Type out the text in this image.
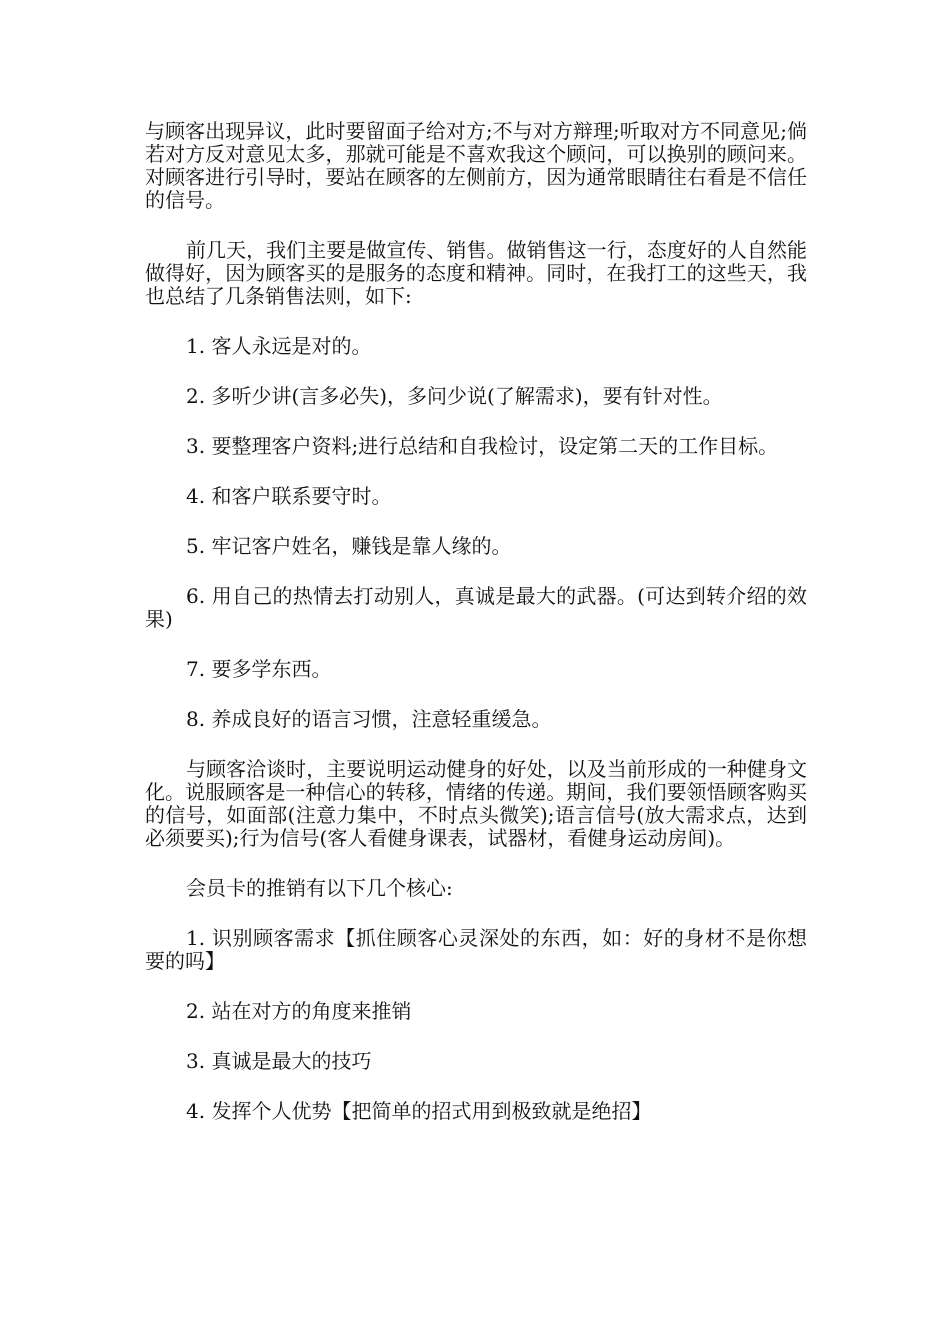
与顾客出现异议，此时要留面子给对方;不与对方辩理;听取对方不同意见;倘若对方反对意见太多，那就可能是不喜欢我这个顾问，可以换别的顾问来。对顾客进行引导时，要站在顾客的左侧前方，因为通常眼睛往右看是不信任的信号。

前几天，我们主要是做宣传、销售。做销售这一行，态度好的人自然能做得好，因为顾客买的是服务的态度和精神。同时，在我打工的这些天，我也总结了几条销售法则，如下:

1. 客人永远是对的。

2. 多听少讲(言多必失)，多问少说(了解需求)，要有针对性。

3. 要整理客户资料;进行总结和自我检讨，设定第二天的工作目标。

4. 和客户联系要守时。

5. 牢记客户姓名，赚钱是靠人缘的。

6. 用自己的热情去打动别人，真诚是最大的武器。(可达到转介绍的效果)

7. 要多学东西。

8. 养成良好的语言习惯，注意轻重缓急。

与顾客洽谈时，主要说明运动健身的好处，以及当前形成的一种健身文化。说服顾客是一种信心的转移，情绪的传递。期间，我们要领悟顾客购买的信号，如面部(注意力集中，不时点头微笑);语言信号(放大需求点，达到必须要买);行为信号(客人看健身课表，试器材，看健身运动房间)。

会员卡的推销有以下几个核心:

1. 识别顾客需求【抓住顾客心灵深处的东西，如：好的身材不是你想要的吗】

2. 站在对方的角度来推销

3. 真诚是最大的技巧

4. 发挥个人优势【把简单的招式用到极致就是绝招】
